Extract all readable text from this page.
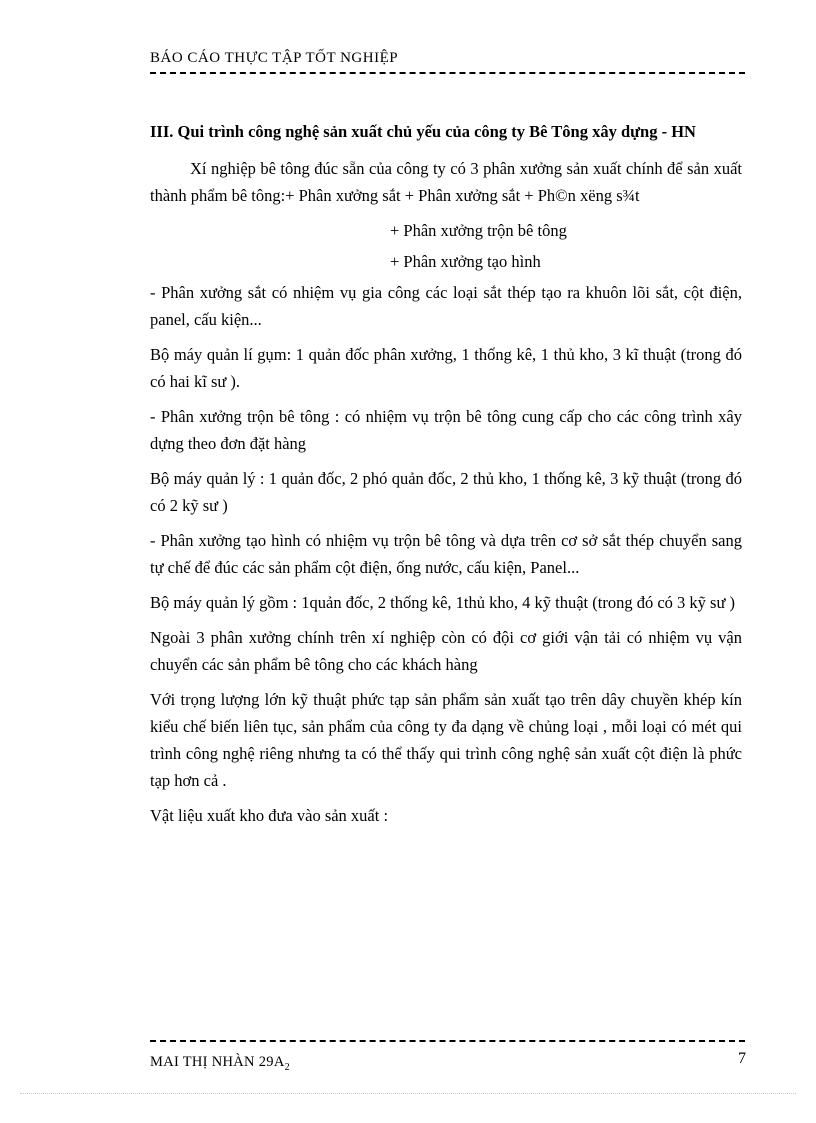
BÁO CÁO THỰC TẬP TỐT NGHIỆP

III. Qui trình công nghệ sản xuất chủ yếu của công ty Bê Tông xây dựng - HN

Xí nghiệp bê tông đúc sẵn của công ty có 3 phân xưởng sản xuất chính để sản xuất thành phẩm bê tông:+ Phân xưởng sắt + Phân xưởng sắt + Ph©n xëng s¾t

+ Phân xưởng trộn bê tông

+ Phân xưởng tạo hình

- Phân xưởng sắt có nhiệm vụ gia công các loại sắt thép tạo ra khuôn lõi sắt, cột điện, panel, cấu kiện...

Bộ máy quản lí gụm: 1 quản đốc phân xưởng, 1 thống kê, 1 thủ kho, 3 kĩ thuật (trong đó có hai kĩ sư ).

- Phân xưởng trộn bê tông : có nhiệm vụ trộn bê tông cung cấp cho các công trình xây dựng theo đơn đặt hàng

Bộ máy quản lý : 1 quản đốc, 2 phó quản đốc, 2 thủ kho, 1 thống kê, 3 kỹ thuật (trong đó có 2 kỹ sư )

- Phân xưởng tạo hình có nhiệm vụ trộn bê tông và dựa trên cơ sở sắt thép chuyển sang tự chế để đúc các sản phẩm cột điện, ống nước, cấu kiện, Panel...

Bộ máy quản lý gồm : 1quản đốc, 2 thống kê, 1thủ kho, 4 kỹ thuật (trong đó có 3 kỹ sư )

Ngoài 3 phân xưởng chính trên xí nghiệp còn có đội cơ giới vận tải có nhiệm vụ vận chuyển các sản phẩm bê tông cho các khách hàng

Với trọng lượng lớn kỹ thuật phức tạp sản phẩm sản xuất tạo trên dây chuyền khép kín kiểu chế biến liên tục, sản phẩm của công ty đa dạng về chủng loại , mỗi loại có mét qui trình công nghệ riêng nhưng ta có thể thấy qui trình công nghệ sản xuất cột điện là phức tạp hơn cả .

Vật liệu xuất kho đưa vào sản xuất :

MAI THỊ NHÀN $29A_2$
7
